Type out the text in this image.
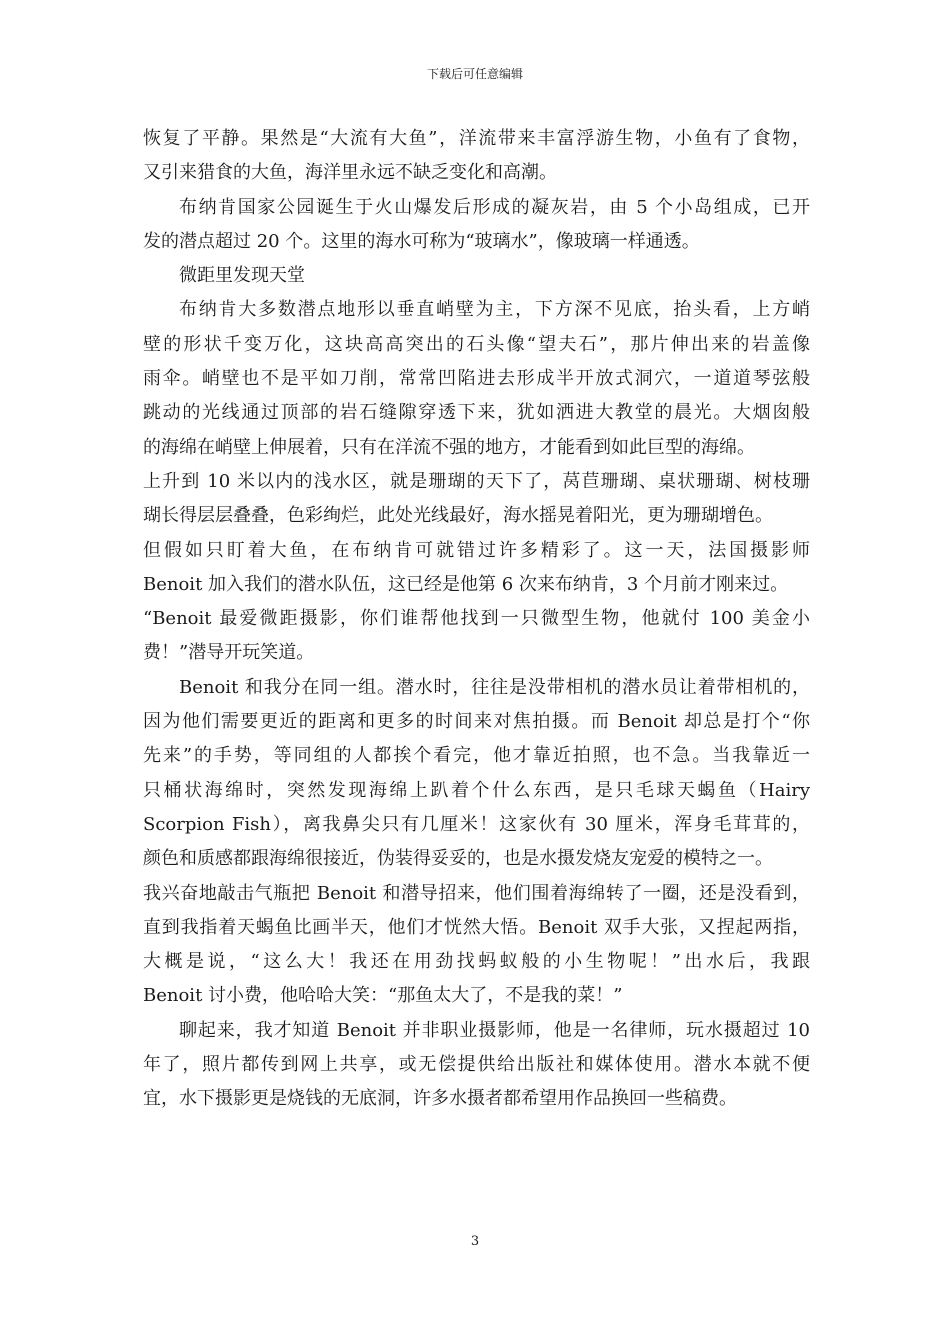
下载后可任意编辑
恢复了平静。果然是“大流有大鱼”，洋流带来丰富浮游生物，小鱼有了食物，
又引来猎食的大鱼，海洋里永远不缺乏变化和高潮。
布纳肯国家公园诞生于火山爆发后形成的凝灰岩，由 5 个小岛组成，已开
发的潜点超过 20 个。这里的海水可称为“玻璃水”，像玻璃一样通透。
微距里发现天堂
布纳肯大多数潜点地形以垂直峭壁为主，下方深不见底，抬头看，上方峭
壁的形状千变万化，这块高高突出的石头像“望夫石”，那片伸出来的岩盖像
雨伞。峭壁也不是平如刀削，常常凹陷进去形成半开放式洞穴，一道道琴弦般
跳动的光线通过顶部的岩石缝隙穿透下来，犹如洒进大教堂的晨光。大烟囱般
的海绵在峭壁上伸展着，只有在洋流不强的地方，才能看到如此巨型的海绵。
上升到 10 米以内的浅水区，就是珊瑚的天下了，莴苣珊瑚、桌状珊瑚、树枝珊
瑚长得层层叠叠，色彩绚烂，此处光线最好，海水摇晃着阳光，更为珊瑚增色。
但假如只盯着大鱼，在布纳肯可就错过许多精彩了。这一天，法国摄影师
Benoit 加入我们的潜水队伍，这已经是他第 6 次来布纳肯，3 个月前才刚来过。
“Benoit 最爱微距摄影，你们谁帮他找到一只微型生物，他就付 100 美金小
费！”潜导开玩笑道。
Benoit 和我分在同一组。潜水时，往往是没带相机的潜水员让着带相机的，
因为他们需要更近的距离和更多的时间来对焦拍摄。而 Benoit 却总是打个“你
先来”的手势，等同组的人都挨个看完，他才靠近拍照，也不急。当我靠近一
只桶状海绵时，突然发现海绵上趴着个什么东西，是只毛球天蝎鱼（Hairy
Scorpion Fish），离我鼻尖只有几厘米！这家伙有 30 厘米，浑身毛茸茸的，
颜色和质感都跟海绵很接近，伪装得妥妥的，也是水摄发烧友宠爱的模特之一。
我兴奋地敲击气瓶把 Benoit 和潜导招来，他们围着海绵转了一圈，还是没看到，
直到我指着天蝎鱼比画半天，他们才恍然大悟。Benoit 双手大张，又捏起两指，
大概是说，“这么大！我还在用劲找蚂蚁般的小生物呢！”出水后，我跟
Benoit 讨小费，他哈哈大笑：“那鱼太大了，不是我的菜！”
聊起来，我才知道 Benoit 并非职业摄影师，他是一名律师，玩水摄超过 10
年了，照片都传到网上共享，或无偿提供给出版社和媒体使用。潜水本就不便
宜，水下摄影更是烧钱的无底洞，许多水摄者都希望用作品换回一些稿费。
3
